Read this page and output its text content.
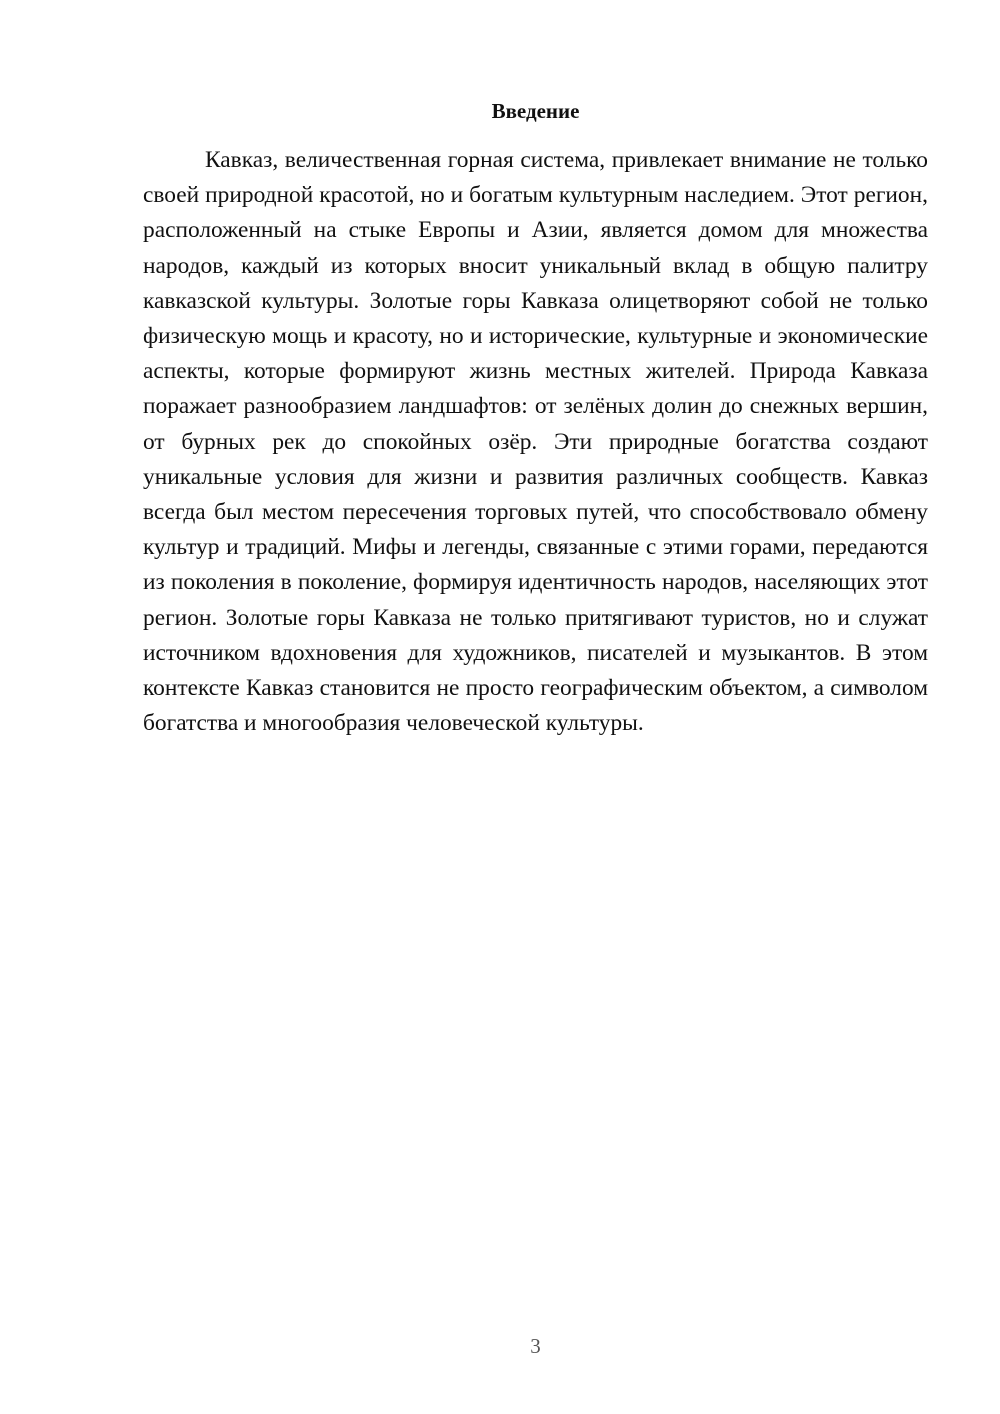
Введение

Кавказ, величественная горная система, привлекает внимание не только своей природной красотой, но и богатым культурным наследием. Этот регион, расположенный на стыке Европы и Азии, является домом для множества народов, каждый из которых вносит уникальный вклад в общую палитру кавказской культуры. Золотые горы Кавказа олицетворяют собой не только физическую мощь и красоту, но и исторические, культурные и экономические аспекты, которые формируют жизнь местных жителей. Природа Кавказа поражает разнообразием ландшафтов: от зелёных долин до снежных вершин, от бурных рек до спокойных озёр. Эти природные богатства создают уникальные условия для жизни и развития различных сообществ. Кавказ всегда был местом пересечения торговых путей, что способствовало обмену культур и традиций. Мифы и легенды, связанные с этими горами, передаются из поколения в поколение, формируя идентичность народов, населяющих этот регион. Золотые горы Кавказа не только притягивают туристов, но и служат источником вдохновения для художников, писателей и музыкантов. В этом контексте Кавказ становится не просто географическим объектом, а символом богатства и многообразия человеческой культуры.

3
